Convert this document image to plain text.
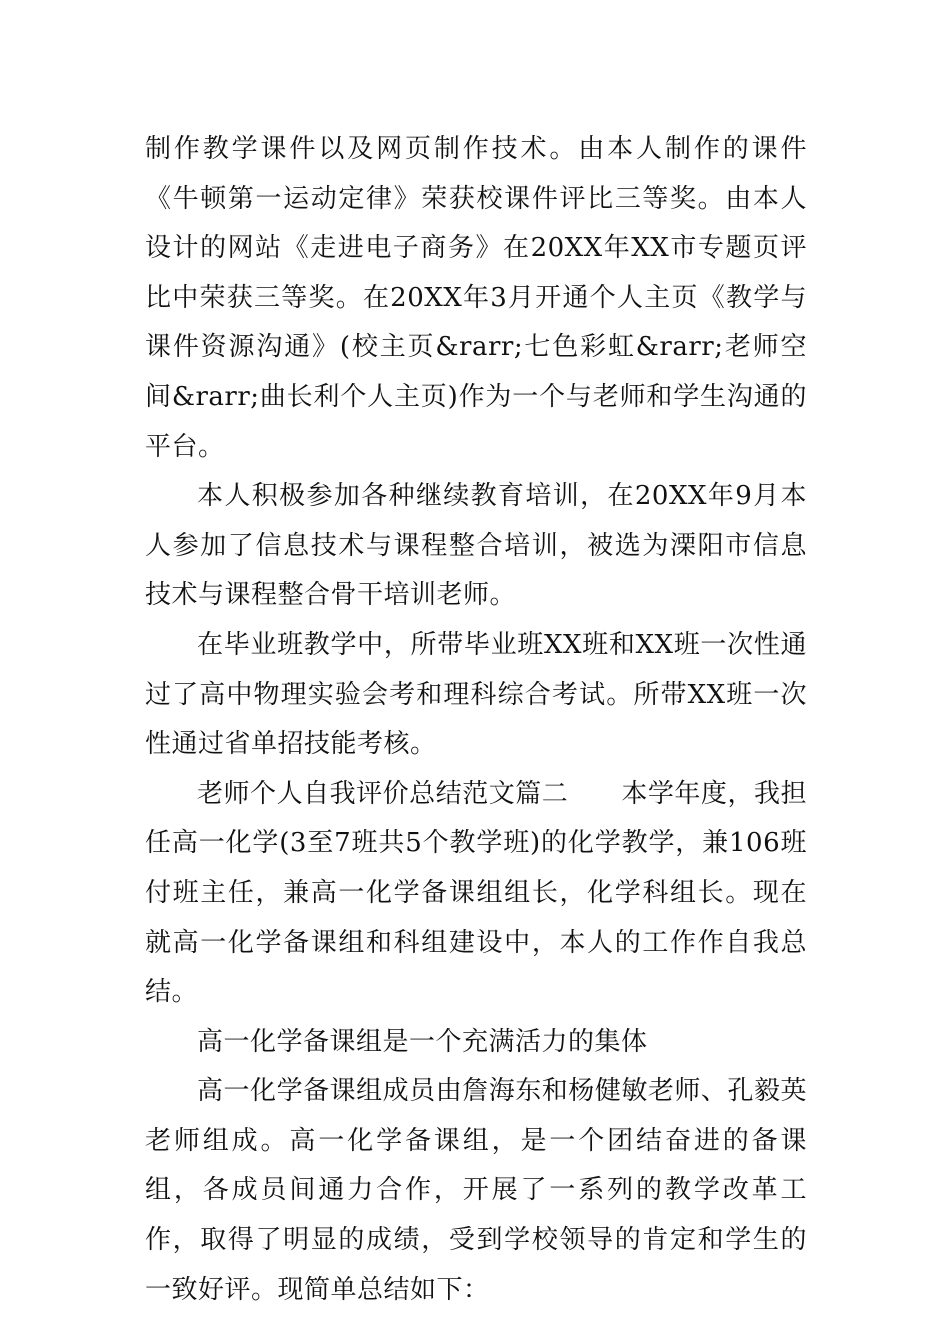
制作教学课件以及网页制作技术。由本人制作的课件《牛顿第一运动定律》荣获校课件评比三等奖。由本人设计的网站《走进电子商务》在20XX年XX市专题页评比中荣获三等奖。在20XX年3月开通个人主页《教学与课件资源沟通》(校主页&rarr;七色彩虹&rarr;老师空间&rarr;曲长利个人主页)作为一个与老师和学生沟通的平台。

本人积极参加各种继续教育培训，在20XX年9月本人参加了信息技术与课程整合培训，被选为溧阳市信息技术与课程整合骨干培训老师。

在毕业班教学中，所带毕业班XX班和XX班一次性通过了高中物理实验会考和理科综合考试。所带XX班一次性通过省单招技能考核。

老师个人自我评价总结范文篇二　　本学年度，我担任高一化学(3至7班共5个教学班)的化学教学，兼106班付班主任，兼高一化学备课组组长，化学科组长。现在就高一化学备课组和科组建设中，本人的工作作自我总结。

高一化学备课组是一个充满活力的集体

高一化学备课组成员由詹海东和杨健敏老师、孔毅英老师组成。高一化学备课组，是一个团结奋进的备课组，各成员间通力合作，开展了一系列的教学改革工作，取得了明显的成绩，受到学校领导的肯定和学生的一致好评。现简单总结如下：
